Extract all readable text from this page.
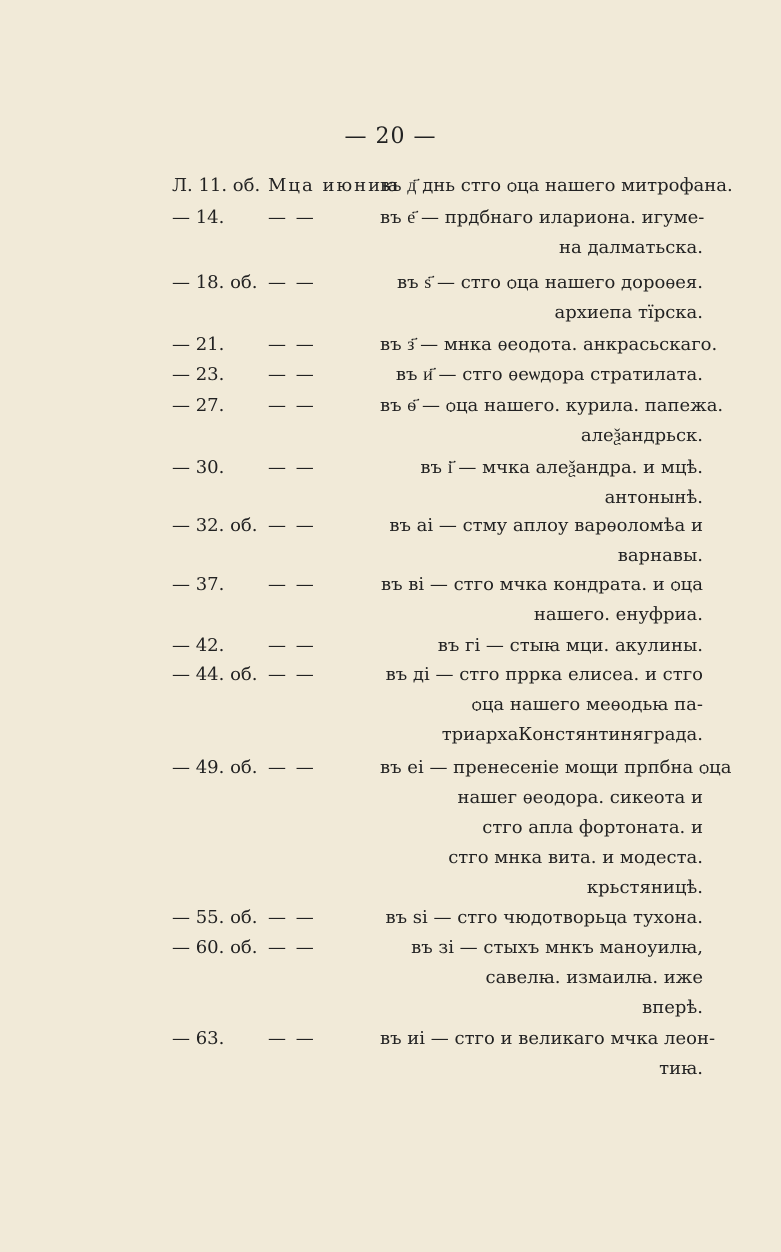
— 20 —
Л. 11. об. Мца июниꙗ
въ д҃ днь стго ѻца нашего митрофана.
— 14.	— —	въ е҃ — прдбнаго илариона. игуме-
на далматьска.
— 18. об. — —	въ ѕ҃ — стго ѻца нашего дороѳея.
архиепа тїрска.
— 21.	— —	въ з҃ — мнка ѳеодота. анкрасьскаго.
— 23.	— —	въ и҃ — стго ѳеѡдора стратилата.
— 27.	— —	въ ѳ҃ — ѻца нашего. курила. папежа.
алеѯандрьск.
— 30.	— —	въ і҃ — мчка алеѯандра. и мцѣ.
антонынѣ.
— 32. об. — —	въ аі — стму аплоу варѳоломѣа и
варнавы.
— 37.	— —	въ ві — стго мчка кондрата. и ѻца
нашего. енуфриа.
— 42.	— —	въ гі — стыꙗ мци. акулины.
— 44. об. — —	въ ді — стго пррка елисеа. и стго
ѻца нашего меѳодьꙗ па-
триархаКонстянтиняграда.
— 49. об. — —	въ еі — пренесеніе мощи прпбна ѻца
нашег ѳеодора. сикеота и
стго апла фортоната. и
стго мнка вита. и модеста.
крьстяницѣ.
— 55. об. — —	въ ѕі — стго чюдотворьца тухона.
— 60. об. — —	въ зі — стыхъ мнкъ маноуилꙗ,
савелꙗ. измаилꙗ. иже
вперѣ.
— 63.	— —	въ иі — стго и великаго мчка леон-
тиꙗ.
